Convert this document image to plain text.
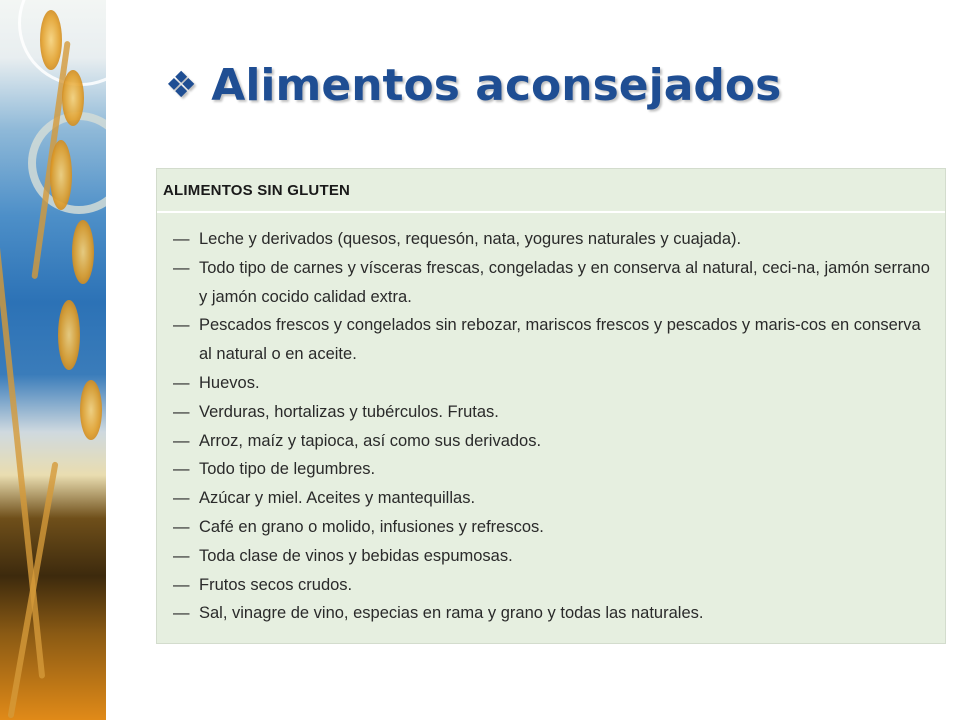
❖ Alimentos aconsejados
ALIMENTOS SIN GLUTEN
— Leche y derivados (quesos, requesón, nata, yogures naturales y cuajada).
— Todo tipo de carnes y vísceras frescas, congeladas y en conserva al natural, ceci-na, jamón serrano y jamón cocido calidad extra.
— Pescados frescos y congelados sin rebozar, mariscos frescos y pescados y maris-cos en conserva al natural o en aceite.
— Huevos.
— Verduras, hortalizas y tubérculos. Frutas.
— Arroz, maíz y tapioca, así como sus derivados.
— Todo tipo de legumbres.
— Azúcar y miel. Aceites y mantequillas.
— Café en grano o molido, infusiones y refrescos.
— Toda clase de vinos y bebidas espumosas.
— Frutos secos crudos.
— Sal, vinagre de vino, especias en rama y grano y todas las naturales.
